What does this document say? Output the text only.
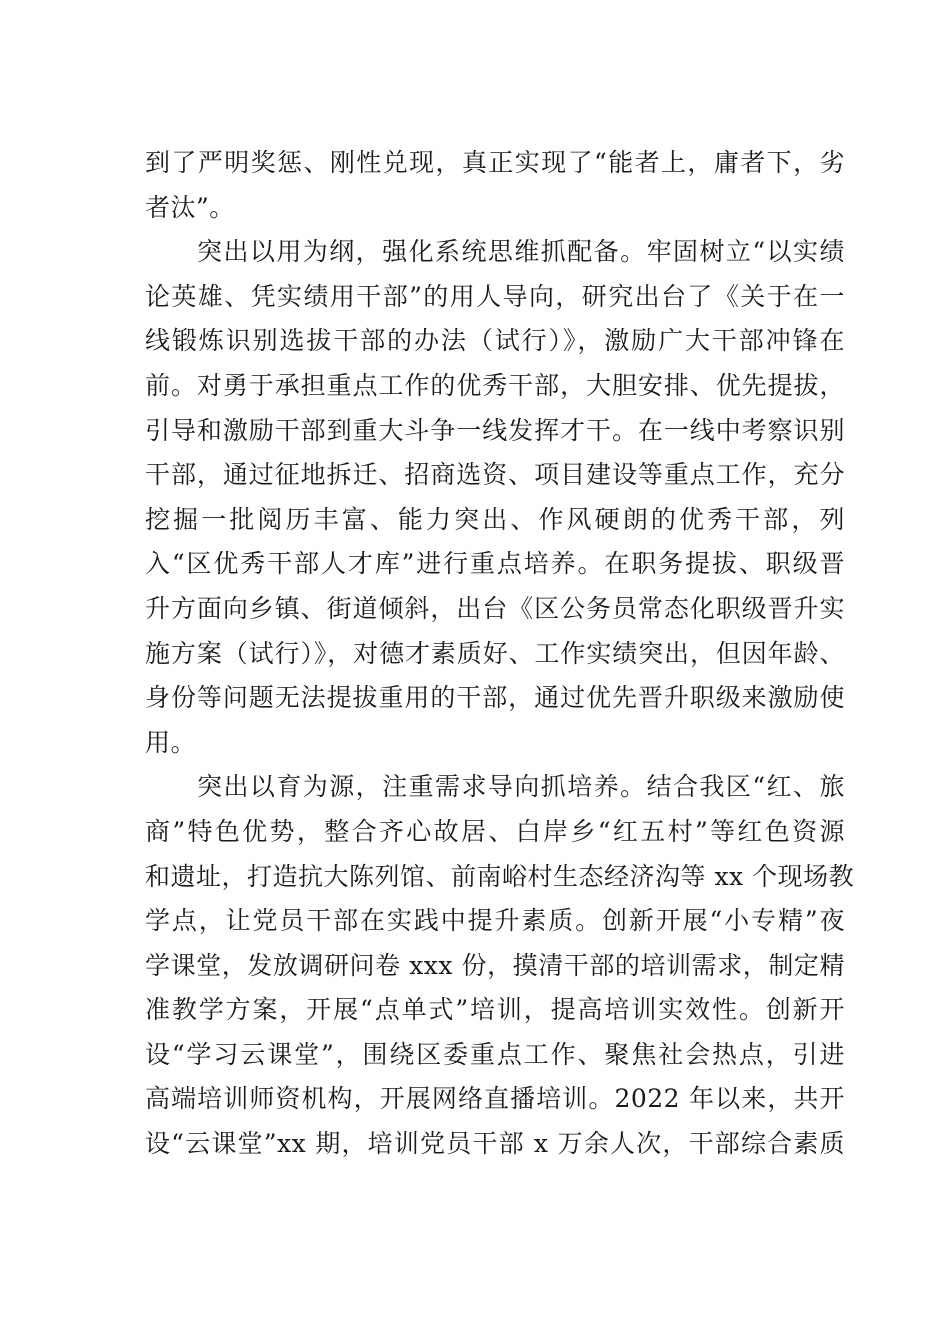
到了严明奖惩、刚性兑现，真正实现了“能者上，庸者下，劣
者汰”。
突出以用为纲，强化系统思维抓配备。牢固树立“以实绩
论英雄、凭实绩用干部”的用人导向，研究出台了《关于在一
线锻炼识别选拔干部的办法（试行）》，激励广大干部冲锋在
前。对勇于承担重点工作的优秀干部，大胆安排、优先提拔，
引导和激励干部到重大斗争一线发挥才干。在一线中考察识别
干部，通过征地拆迁、招商选资、项目建设等重点工作，充分
挖掘一批阅历丰富、能力突出、作风硬朗的优秀干部，列
入“区优秀干部人才库”进行重点培养。在职务提拔、职级晋
升方面向乡镇、街道倾斜，出台《区公务员常态化职级晋升实
施方案（试行）》，对德才素质好、工作实绩突出，但因年龄、
身份等问题无法提拔重用的干部，通过优先晋升职级来激励使
用。
突出以育为源，注重需求导向抓培养。结合我区“红、旅
商”特色优势，整合齐心故居、白岸乡“红五村”等红色资源
和遗址，打造抗大陈列馆、前南峪村生态经济沟等 xx 个现场教
学点，让党员干部在实践中提升素质。创新开展“小专精”夜
学课堂，发放调研问卷 xxx 份，摸清干部的培训需求，制定精
准教学方案，开展“点单式”培训，提高培训实效性。创新开
设“学习云课堂”，围绕区委重点工作、聚焦社会热点，引进
高端培训师资机构，开展网络直播培训。2022 年以来，共开
设“云课堂”xx 期，培训党员干部 x 万余人次，干部综合素质
